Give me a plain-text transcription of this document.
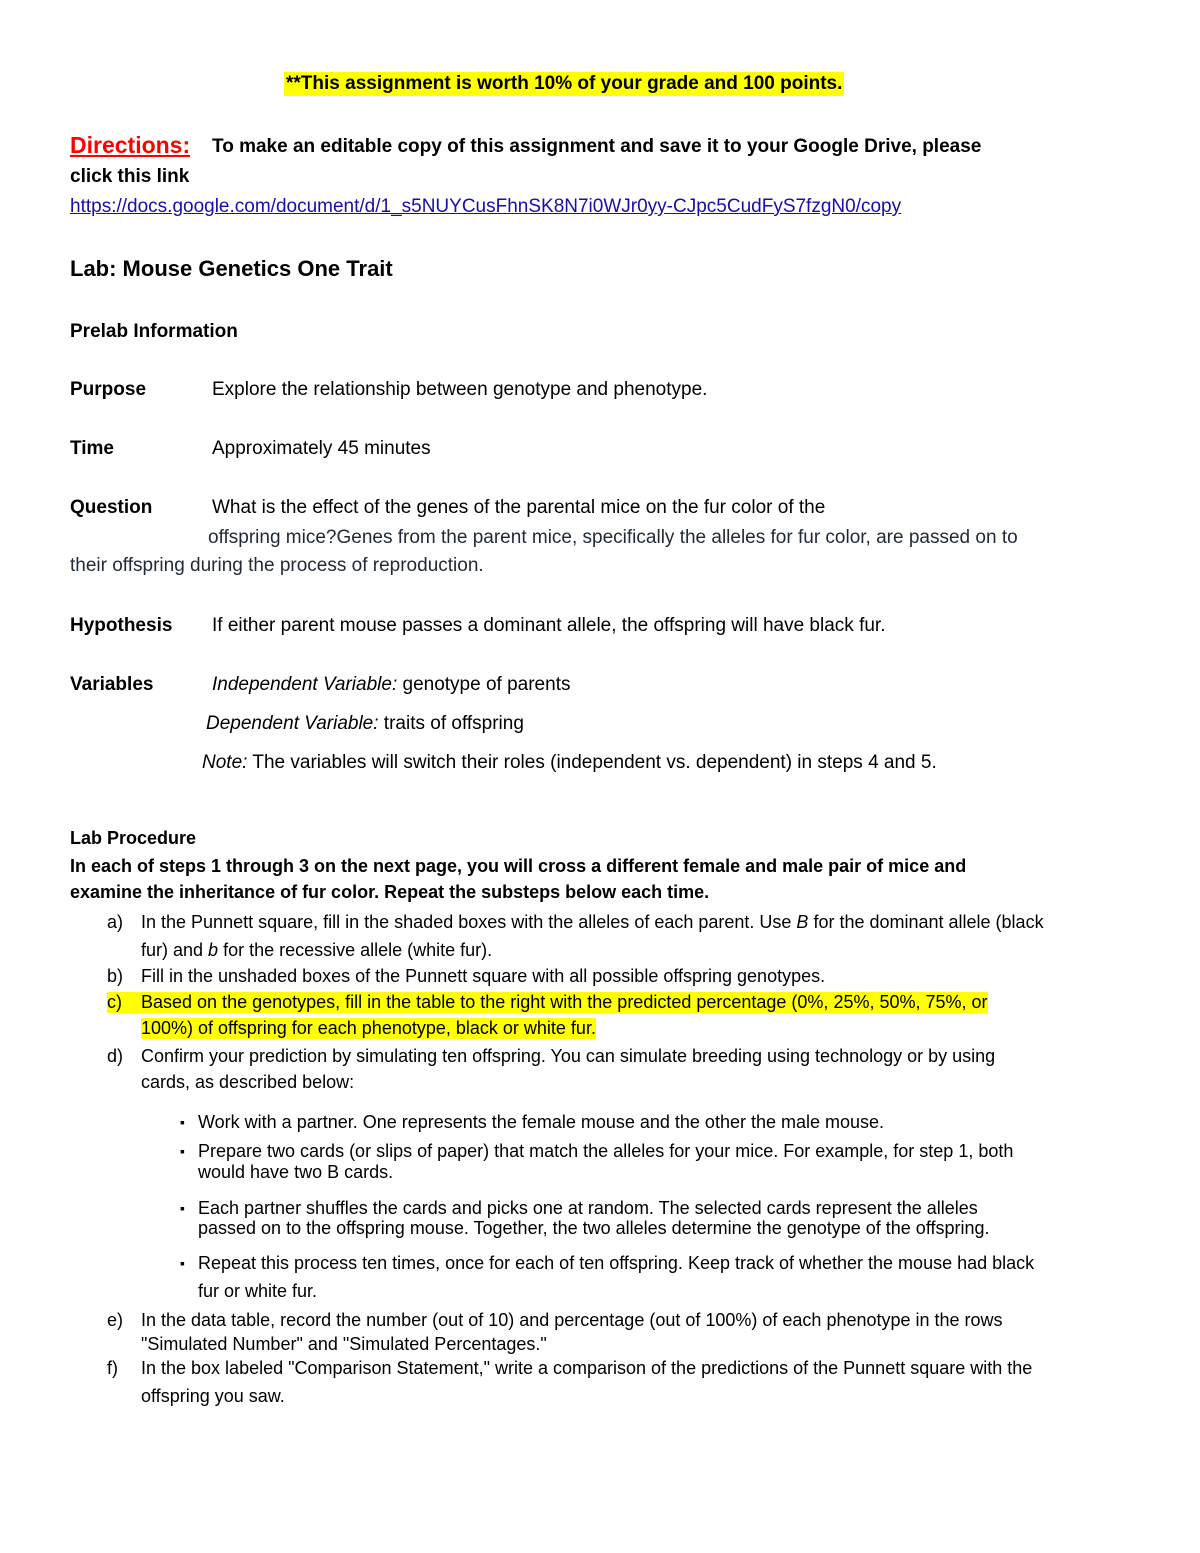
**This assignment is worth 10% of your grade and 100 points.
Directions: To make an editable copy of this assignment and save it to your Google Drive, please
click this link
https://docs.google.com/document/d/1_s5NUYCusFhnSK8N7i0WJr0yy-CJpc5CudFyS7fzgN0/copy
Lab: Mouse Genetics One Trait
Prelab Information
Purpose	Explore the relationship between genotype and phenotype.
Time	Approximately 45 minutes
Question	What is the effect of the genes of the parental mice on the fur color of the
offspring mice?Genes from the parent mice, specifically the alleles for fur color, are passed on to
their offspring during the process of reproduction.
Hypothesis If either parent mouse passes a dominant allele, the offspring will have black fur.
Variables	Independent Variable: genotype of parents
Dependent Variable: traits of offspring
Note: The variables will switch their roles (independent vs. dependent) in steps 4 and 5.
Lab Procedure
In each of steps 1 through 3 on the next page, you will cross a different female and male pair of mice and
examine the inheritance of fur color. Repeat the substeps below each time.
a) In the Punnett square, fill in the shaded boxes with the alleles of each parent. Use B for the dominant allele (black
fur) and b for the recessive allele (white fur).
b) Fill in the unshaded boxes of the Punnett square with all possible offspring genotypes.
c)	Based on the genotypes, fill in the table to the right with the predicted percentage (0%, 25%, 50%, 75%, or
100%) of offspring for each phenotype, black or white fur.
d) Confirm your prediction by simulating ten offspring. You can simulate breeding using technology or by using
cards, as described below:
▪ Work with a partner. One represents the female mouse and the other the male mouse.
▪ Prepare two cards (or slips of paper) that match the alleles for your mice. For example, for step 1, both
would have two B cards.
▪ Each partner shuffles the cards and picks one at random. The selected cards represent the alleles
passed on to the offspring mouse. Together, the two alleles determine the genotype of the offspring.
▪ Repeat this process ten times, once for each of ten offspring. Keep track of whether the mouse had black
fur or white fur.
e) In the data table, record the number (out of 10) and percentage (out of 100%) of each phenotype in the rows
"Simulated Number" and "Simulated Percentages."
f) In the box labeled "Comparison Statement," write a comparison of the predictions of the Punnett square with the
offspring you saw.
